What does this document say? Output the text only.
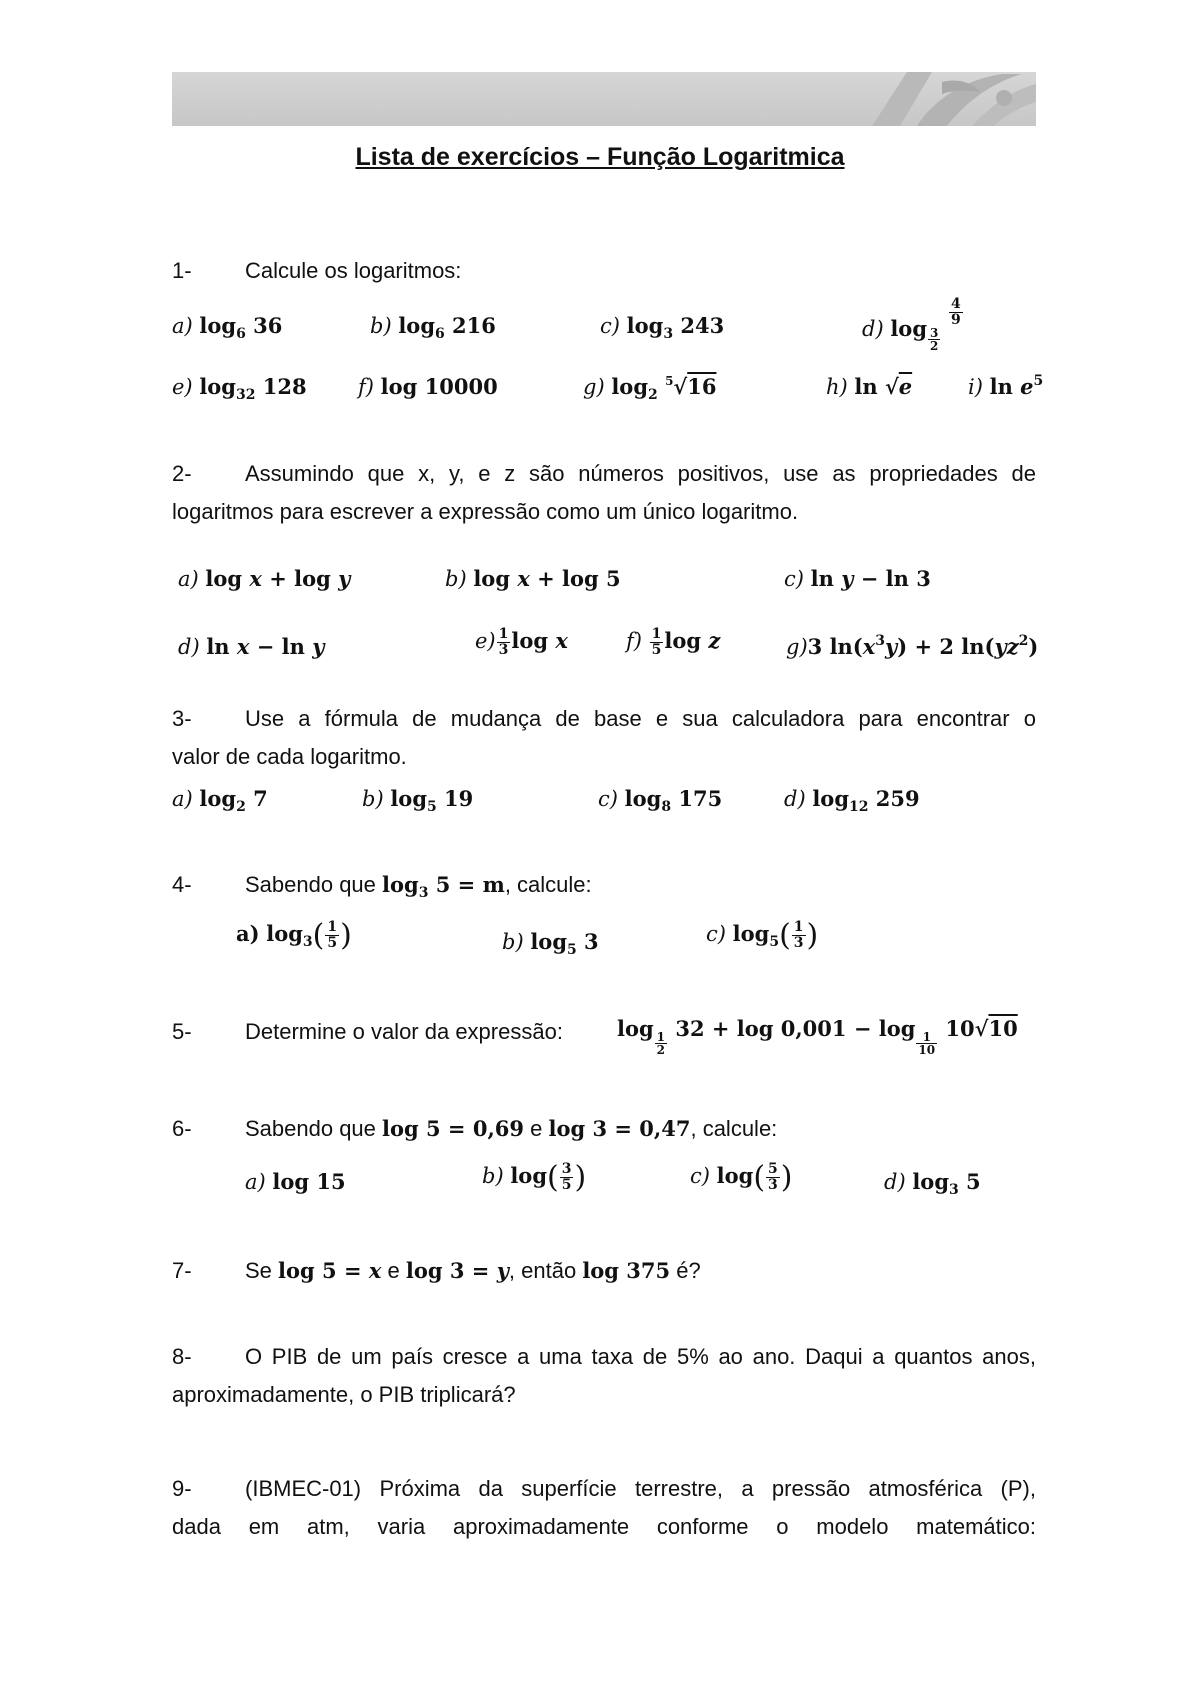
Lista de exercícios – Função Logaritmica
1- Calcule os logaritmos:
a) $\log_6 36$	b) $\log_6 216$	c) $\log_3 243$	d) $\log \frac{3}{2}$

$\frac{4}{9}$
e) $\log_{32} 128$ f) log 10000	g) $\log_2 ^5√16$	h) ln √e	i) $\ln e^5$
2- Assumindo que x, y, e z são números positivos, use as propriedades de
logaritmos para escrever a expressão como um único logaritmo.
a) log x + log y	b) log x + log 5	c) ln y − ln 3
d) ln x − ln y	$e) \frac{1}{3}$ log x	$f) \frac{1}{5}$ log z	g)3 $\ln(x^3y) + 2$ $\ln(yz^2)$
3- Use a fórmula de mudança de base e sua calculadora para encontrar o
valor de cada logaritmo.
a) $\log_2 7$	b) $\log_5 19$	c) $\log_8 175$	d) $\log_{12} 259$
4- Sabendo que $\log_3 5 = m$, calcule:
a) $\log_3( \frac{1}{5}$ )	b) $\log_5 3$	c) $\log_5( \frac{1}{3}$ )
5- Determine o valor da expressão:	log
$\frac{1}{2}$
32 + log 0,001 − log
$\frac{1}{10}$
10√10
6- Sabendo que log 5 = 0,69 e log 3 = 0,47, calcule:
a) log 15	b) $\log( \frac{3}{5}$ )	c) $\log( \frac{5}{3}$ )	d) $\log_3 5$
7- Se log 5 = x e log 3 = y, então log 375 é?
8- O PIB de um país cresce a uma taxa de 5% ao ano. Daqui a quantos anos,
aproximadamente, o PIB triplicará?
9- (IBMEC-01) Próxima da superfície terrestre, a pressão atmosférica (P),
dada em atm, varia aproximadamente conforme o modelo matemático:
